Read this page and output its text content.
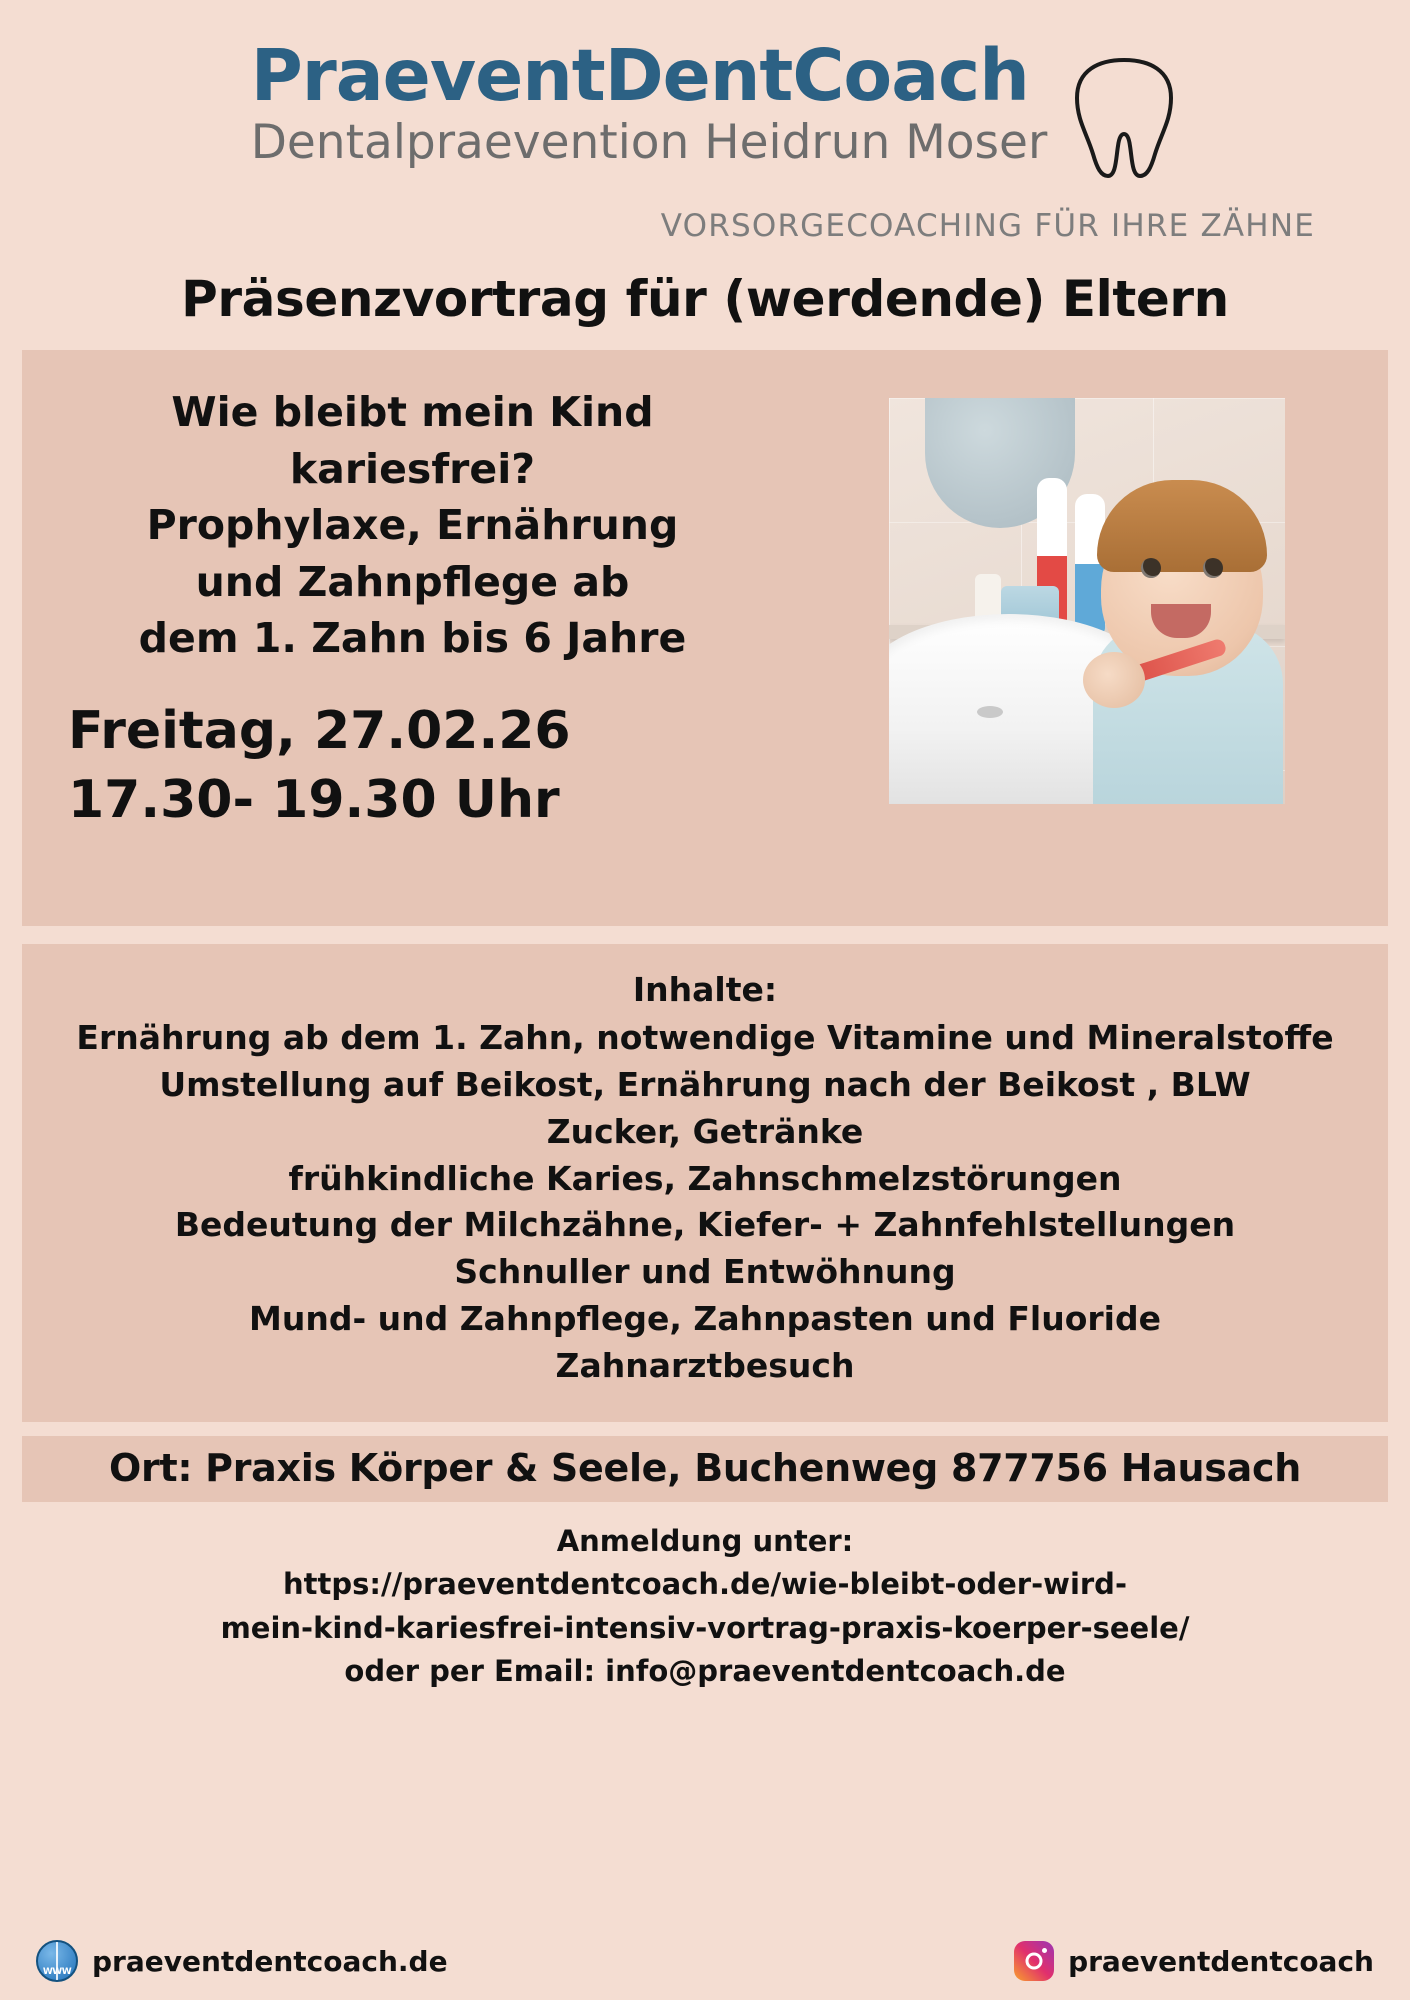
PraeventDentCoach
Dentalpraevention Heidrun Moser
VORSORGECOACHING FÜR IHRE ZÄHNE
Präsenzvortrag für (werdende) Eltern
Wie bleibt mein Kind
kariesfrei?
Prophylaxe, Ernährung
und Zahnpflege ab
dem 1. Zahn bis 6 Jahre
Freitag, 27.02.26
17.30- 19.30 Uhr
Inhalte:
Ernährung ab dem 1. Zahn, notwendige Vitamine und Mineralstoffe
Umstellung auf Beikost, Ernährung nach der Beikost , BLW
Zucker, Getränke
frühkindliche Karies, Zahnschmelzstörungen
Bedeutung der Milchzähne, Kiefer- + Zahnfehlstellungen
Schnuller und Entwöhnung
Mund- und Zahnpflege, Zahnpasten und Fluoride
Zahnarztbesuch
Ort: Praxis Körper & Seele, Buchenweg 877756 Hausach
Anmeldung unter:
https://praeventdentcoach.de/wie-bleibt-oder-wird-
mein-kind-kariesfrei-intensiv-vortrag-praxis-koerper-seele/
oder per Email: info@praeventdentcoach.de
WWW
praeventdentcoach.de	praeventdentcoach
